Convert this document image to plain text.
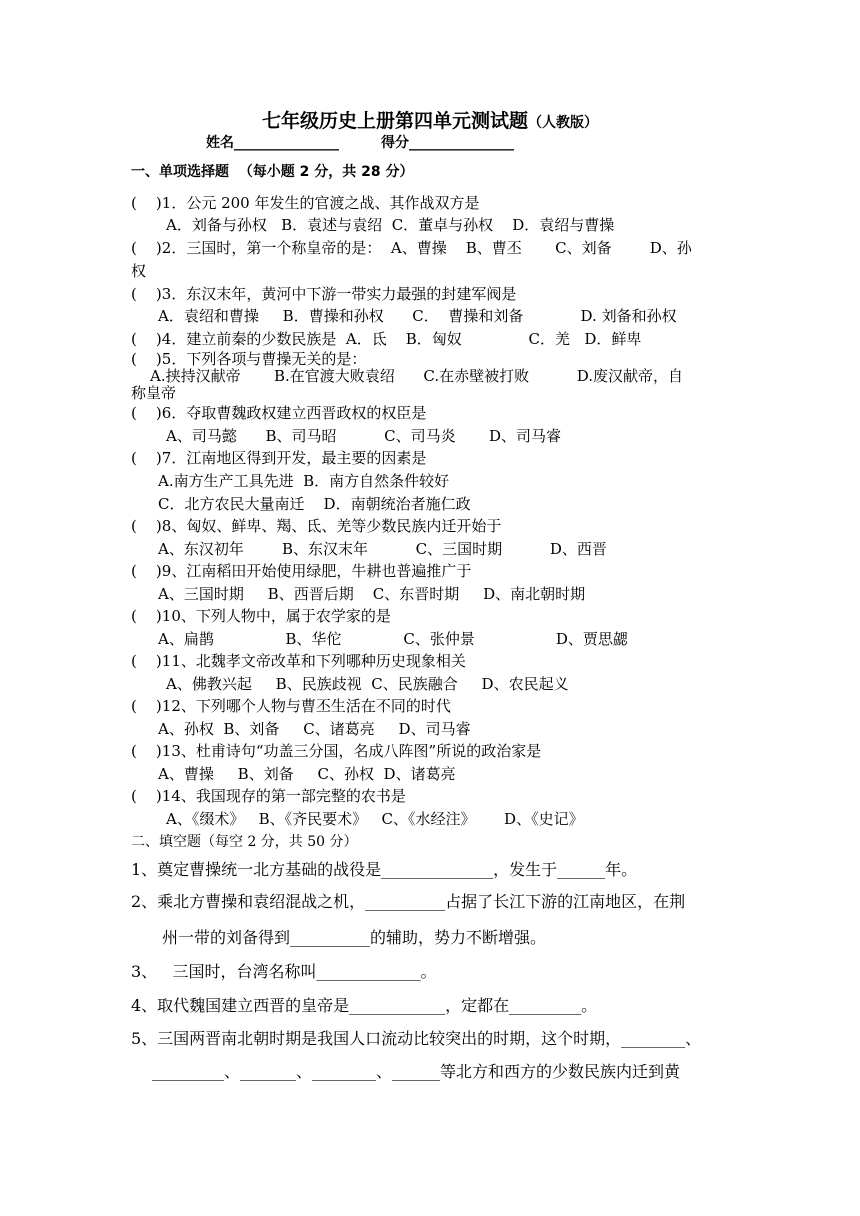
七年级历史上册第四单元测试题（人教版）
姓名_______________	得分_______________
一、单项选择题  （每小题 2 分，共 28 分）
(    )1．公元 200 年发生的官渡之战、其作战双方是
A．刘备与孙权   B．袁述与袁绍  C．董卓与孙权    D．袁绍与曹操
(    )2．三国时，第一个称皇帝的是：  A、曹操    B、曹丕       C、刘备        D、孙
权
(    )3．东汉末年，黄河中下游一带实力最强的封建军阀是
A．袁绍和曹操     B．曹操和孙权      C．  曹操和刘备            D. 刘备和孙权
(    )4．建立前秦的少数民族是  A．氐    B．匈奴              C．羌   D．鲜卑
(    )5．下列各项与曹操无关的是：
A.挟持汉献帝       B.在官渡大败袁绍      C.在赤壁被打败          D.废汉献帝，自
称皇帝
(    )6．夺取曹魏政权建立西晋政权的权臣是
A、司马懿      B、司马昭          C、司马炎       D、司马睿
(    )7．江南地区得到开发，最主要的因素是
A.南方生产工具先进  B．南方自然条件较好
C．北方农民大量南迁    D．南朝统治者施仁政
(    )8、匈奴、鲜卑、羯、氐、羌等少数民族内迁开始于
A、东汉初年        B、东汉末年          C、三国时期          D、西晋
(    )9、江南稻田开始使用绿肥，牛耕也普遍推广于
A、三国时期     B、西晋后期    C、东晋时期     D、南北朝时期
(    )10、下列人物中，属于农学家的是
A、扁鹊               B、华佗             C、张仲景                 D、贾思勰
(    )11、北魏孝文帝改革和下列哪种历史现象相关
A、佛教兴起     B、民族歧视  C、民族融合     D、农民起义
(    )12、下列哪个人物与曹丕生活在不同的时代
A、孙权  B、刘备     C、诸葛亮     D、司马睿
(    )13、杜甫诗句“功盖三分国，名成八阵图”所说的政治家是
A、曹操     B、刘备     C、孙权  D、诸葛亮
(    )14、我国现存的第一部完整的农书是
A、《缀术》   B、《齐民要术》   C、《水经注》      D、《史记》
二、填空题（每空 2 分，共 50 分）
1、奠定曹操统一北方基础的战役是______________，发生于______年。
2、乘北方曹操和袁绍混战之机，__________占据了长江下游的江南地区，在荆
州一带的刘备得到__________的辅助，势力不断增强。
3、   三国时，台湾名称叫_____________。
4、取代魏国建立西晋的皇帝是____________，定都在_________。
5、三国两晋南北朝时期是我国人口流动比较突出的时期，这个时期，________、
_________、_______、________、______等北方和西方的少数民族内迁到黄
